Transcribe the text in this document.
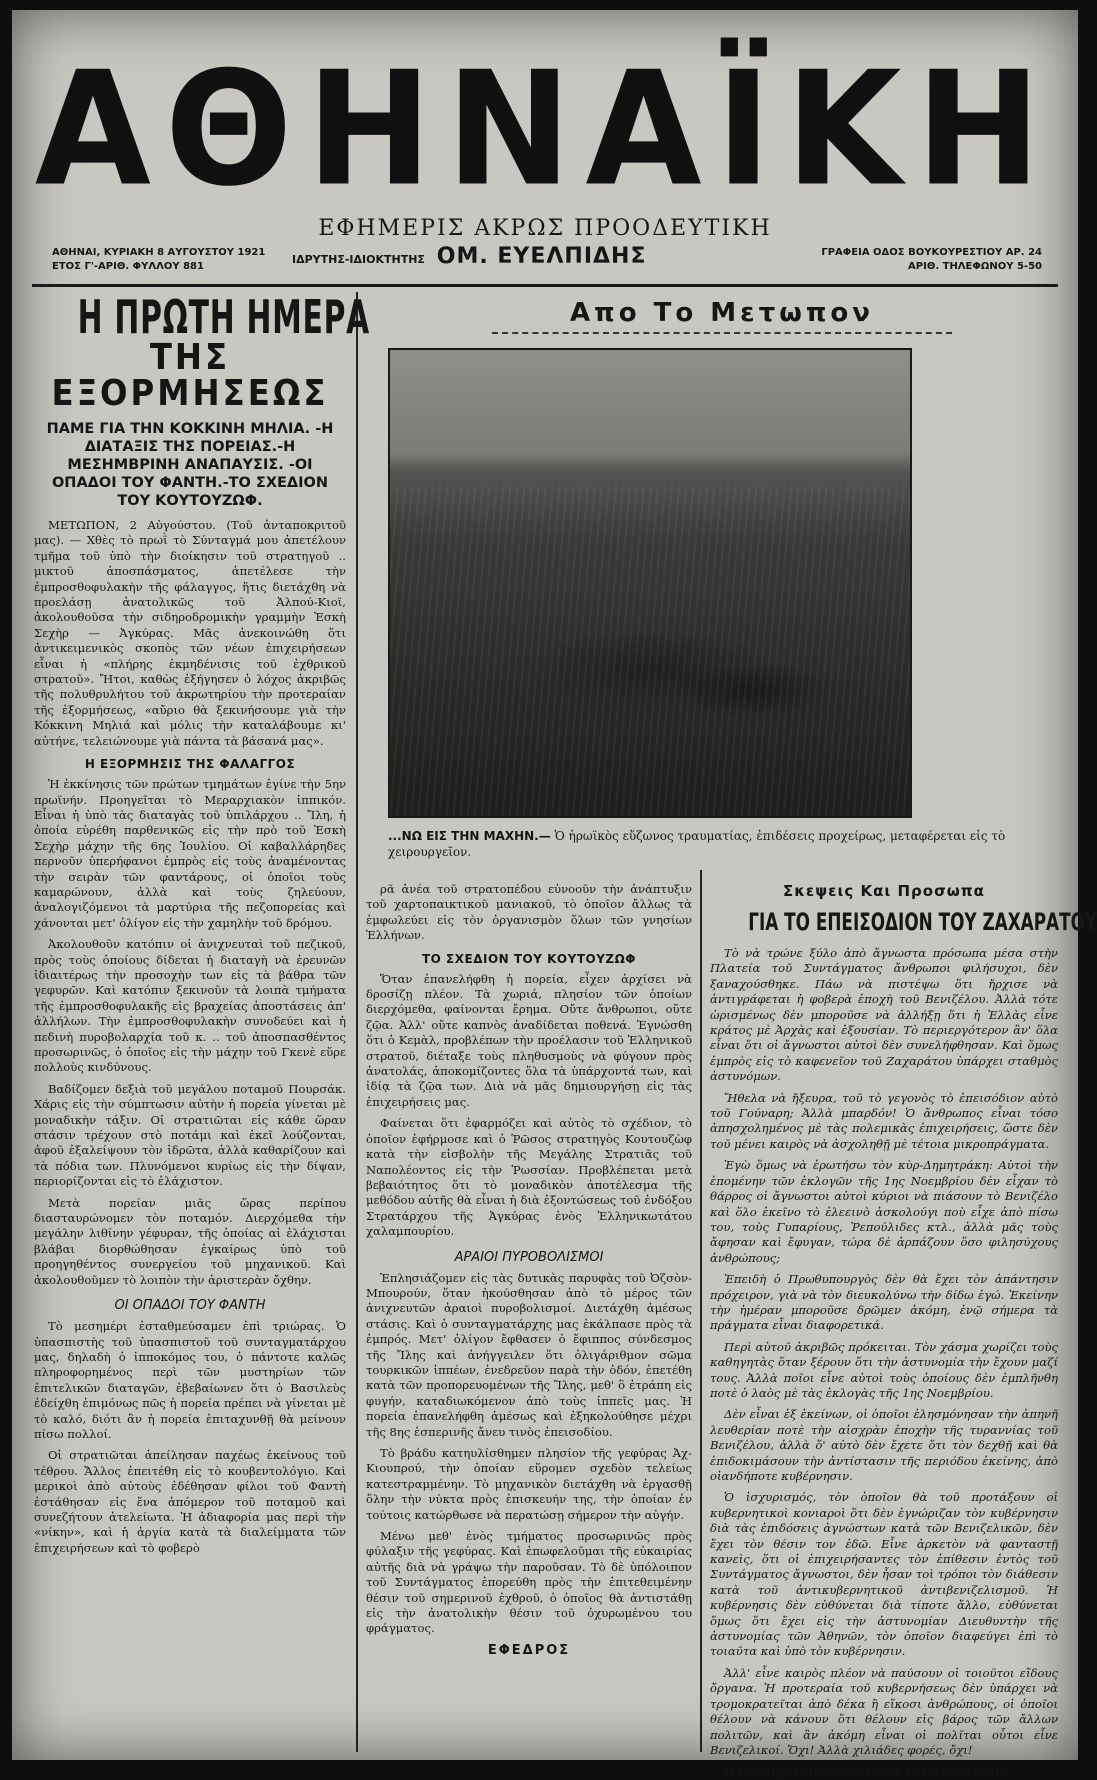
ΑΘΗΝΑΪΚΗ
ΕΦΗΜΕΡΙΣ ΑΚΡΩΣ ΠΡΟΟΔΕΥΤΙΚΗ
ΑΘΗΝΑΙ, ΚΥΡΙΑΚΗ 8 ΑΥΓΟΥΣΤΟΥ 1921
ΕΤΟΣ Γ'-ΑΡΙΘ. ΦΥΛΛΟΥ 881
ΙΔΡΥΤΗΣ-ΙΔΙΟΚΤΗΤΗΣ ΟΜ. ΕΥΕΛΠΙΔΗΣ	ΓΡΑΦΕΙΑ ΟΔΟΣ ΒΟΥΚΟΥΡΕΣΤΙΟΥ ΑΡ. 24
ΑΡΙΘ. ΤΗΛΕΦΩΝΟΥ 5-50
Η ΠΡΩΤΗ ΗΜΕΡΑ
ΤΗΣ ΕΞΟΡΜΗΣΕΩΣ
ΠΑΜΕ ΓΙΑ ΤΗΝ ΚΟΚΚΙΝΗ ΜΗΛΙΑ. -Η ΔΙΑΤΑΞΙΣ ΤΗΣ ΠΟΡΕΙΑΣ.-Η ΜΕΣΗΜΒΡΙΝΗ ΑΝΑΠΑΥΣΙΣ. -ΟΙ ΟΠΑΔΟΙ ΤΟΥ ΦΑΝΤΗ.-ΤΟ ΣΧΕΔΙΟΝ ΤΟΥ ΚΟΥΤΟΥΖΩΦ.

ΜΕΤΩΠΟΝ, 2 Αὐγούστου. (Τοῦ ἀνταποκριτοῦ μας). — Χθὲς τὸ πρωῒ τὸ Σύνταγμά μου ἀπετέλουν τμῆμα τοῦ ὑπὸ τὴν διοίκησιν τοῦ στρατηγοῦ .. μικτοῦ ἀποσπάσματος, ἀπετέλεσε τὴν ἐμπροσθοφυλακὴν τῆς φάλαγγος, ἥτις διετάχθη νὰ προελάσῃ ἀνατολικῶς τοῦ Ἀλπού-Κιοϊ, ἀκολουθοῦσα τὴν σιδηροδρομικὴν γραμμὴν Ἐσκὴ Σεχὴρ — Ἀγκύρας. Μᾶς ἀνεκοινώθη ὅτι ἀντικειμενικὸς σκοπὸς τῶν νέων ἐπιχειρήσεων εἶναι ἡ «πλήρης ἐκμηδένισις τοῦ ἐχθρικοῦ στρατοῦ». Ἤτοι, καθὼς ἐξήγησεν ὁ λόχος ἀκριβῶς τῆς πολυθρυλήτου τοῦ ἀκρωτηρίου τὴν προτεραίαν τῆς ἐξορμήσεως, «αὔριο θὰ ξεκινήσουμε γιὰ τὴν Κόκκινη Μηλιά καὶ μόλις τὴν καταλάβουμε κι' αὐτήνε, τελειώνουμε γιὰ πάντα τὰ βάσανά μας».

Η ΕΞΟΡΜΗΣΙΣ ΤΗΣ ΦΑΛΑΓΓΟΣ

Ἡ ἐκκίνησις τῶν πρώτων τμημάτων ἐγίνε τὴν 5ην πρωϊνήν. Προηγεῖται τὸ Μεραρχιακὸν ἱππικόν. Εἶναι ἡ ὑπὸ τὰς διαταγὰς τοῦ ὑπιλάρχου .. Ἴλη, ἡ ὁποία εὐρέθη παρθενικῶς εἰς τὴν πρὸ τοῦ Ἐσκὴ Σεχὴρ μάχην τῆς 6ης Ἰουλίου. Οἱ καβαλλάρηδες περνοῦν ὑπερήφανοι ἐμπρὸς εἰς τοὺς ἀναμένοντας τὴν σειρὰν τῶν φαντάρους, οἱ ὁποῖοι τοὺς καμαρώνουν, ἀλλὰ καὶ τοὺς ζηλεύουν, ἀναλογιζόμενοι τὰ μαρτύρια τῆς πεζοπορείας καὶ χάνονται μετ' ὀλίγον εἰς τὴν χαμηλὴν τοῦ δρόμου.

Ἀκολουθοῦν κατόπιν οἱ ἀνιχνευταὶ τοῦ πεζικοῦ, πρὸς τοὺς ὁποίους δίδεται ἡ διαταγὴ νὰ ἐρευνῶν ἰδιαιτέρως τὴν προσοχὴν των εἰς τὰ βάθρα τῶν γεφυρῶν. Καὶ κατόπιν ξεκινοῦν τὰ λοιπὰ τμήματα τῆς ἐμπροσθοφυλακῆς εἰς βραχείας ἀποστάσεις ἀπ' ἀλλήλων. Τὴν ἐμπροσθοφυλακὴν συνοδεύει καὶ ἡ πεδινὴ πυροβολαρχία τοῦ κ. .. τοῦ ἀποσπασθέντος προσωρινῶς, ὁ ὁποῖος εἰς τὴν μάχην τοῦ Γκενὲ εὕρε πολλοὺς κινδύνους.

Βαδίζομεν δεξιὰ τοῦ μεγάλου ποταμοῦ Πουρσάκ. Χάρις εἰς τὴν σύμπτωσιν αὐτὴν ἡ πορεία γίνεται μὲ μοναδικὴν τάξιν. Οἱ στρατιῶται εἰς κάθε ὥραν στάσιν τρέχουν στὸ ποτάμι καὶ ἐκεῖ λούζονται, ἀφοῦ ἐξαλείψουν τὸν ἱδρῶτα, ἀλλὰ καθαρίζουν καὶ τὰ πόδια των. Πλυνόμενοι κυρίως εἰς τὴν δίψαν, περιορίζονται εἰς τὸ ἐλάχιστον.

Μετὰ πορείαν μιᾶς ὥρας περίπου διασταυρώνομεν τὸν ποταμόν. Διερχόμεθα τὴν μεγάλην λιθίνην γέφυραν, τῆς ὁποίας αἱ ἐλάχισται βλάβαι διορθώθησαν ἐγκαίρως ὑπὸ τοῦ προηγηθέντος συνεργείου τοῦ μηχανικοῦ. Καὶ ἀκολουθοῦμεν τὸ λοιπὸν τὴν ἀριστερὰν ὄχθην.

ΟΙ ΟΠΑΔΟΙ ΤΟΥ ΦΑΝΤΗ

Τὸ μεσημέρι ἐσταθμεύσαμεν ἐπὶ τριώρας. Ὁ ὑπασπιστὴς τοῦ ὑπασπιστοῦ τοῦ συνταγματάρχου μας, δηλαδὴ ὁ ἱπποκόμος του, ὁ πάντοτε καλῶς πληροφορημένος περὶ τῶν μυστηρίων τῶν ἐπιτελικῶν διαταγῶν, ἐβεβαίωνεν ὅτι ὁ Βασιλεὺς ἐδείχθη ἐπιμόνως πῶς ἡ πορεία πρέπει νὰ γίνεται μὲ τὸ καλό, διότι ἂν ἡ πορεία ἐπιταχυνθῇ θὰ μείνουν πίσω πολλοί.

Οἱ στρατιῶται ἀπείλησαν παχέως ἐκείνους τοῦ τέθρου. Ἄλλος ἐπειτέθη εἰς τὸ κουβεντολόγιο. Καὶ μερικοὶ ἀπὸ αὐτοὺς ἐδέθησαν φίλοι τοῦ Φαντὴ ἐστάθησαν εἰς ἕνα ἀπόμερον τοῦ ποταμοῦ καὶ συνεζήτουν ἀτελείωτα. Ἡ ἀδιαφορία μας περὶ τὴν «νίκην», καὶ ἡ ἀργία κατὰ τὰ διαλείμματα τῶν ἐπιχειρήσεων καὶ τὸ φοβερὸ

Απο Το Μετωπον
...ΝΩ ΕΙΣ ΤΗΝ ΜΑΧΗΝ.— Ὁ ἡρωϊκὸς εὔζωνος τραυματίας, ἐπιδέσεις προχείρως, μεταφέρεται εἰς τὸ χειρουργεῖον.

ρᾶ ἀνέα τοῦ στρατοπέδου εὐνοοῦν τὴν ἀνάπτυξιν τοῦ χαρτοπαικτικοῦ μανιακοῦ, τὸ ὁποῖον ἄλλως τὰ ἐμφωλεύει εἰς τὸν ὀργανισμὸν ὅλων τῶν γνησίων Ἑλλήνων.

ΤΟ ΣΧΕΔΙΟΝ ΤΟΥ ΚΟΥΤΟΥΖΩΦ

Ὅταν ἐπανελήφθη ἡ πορεία, εἶχεν ἀρχίσει νὰ δροσίζῃ πλέον. Τὰ χωριά, πλησίον τῶν ὁποίων διερχόμεθα, φαίνονται ἔρημα. Οὔτε ἄνθρωποι, οὔτε ζῷα. Ἀλλ' οὔτε καπνὸς ἀναδίδεται ποθενά. Ἐγνώσθη ὅτι ὁ Κεμὰλ, προβλέπων τὴν προέλασιν τοῦ Ἑλληνικοῦ στρατοῦ, διέταξε τοὺς πληθυσμοὺς νὰ φύγουν πρὸς ἀνατολάς, ἀποκομίζοντες ὅλα τὰ ὑπάρχοντά των, καὶ ἰδίᾳ τὰ ζῷα των. Διὰ νὰ μᾶς δημιουργήσῃ εἰς τὰς ἐπιχειρήσεις μας.

Φαίνεται ὅτι ἐφαρμόζει καὶ αὐτὸς τὸ σχέδιον, τὸ ὁποῖον ἐφήρμοσε καὶ ὁ Ῥῶσος στρατηγὸς Κουτουζὼφ κατὰ τὴν εἰσβολὴν τῆς Μεγάλης Στρατιᾶς τοῦ Ναπολέοντος εἰς τὴν Ῥωσσίαν. Προβλέπεται μετὰ βεβαιότητος ὅτι τὸ μοναδικὸν ἀποτέλεσμα τῆς μεθόδου αὐτῆς θὰ εἶναι ἡ διὰ ἐξοντώσεως τοῦ ἐνδόξου Στρατάρχου τῆς Ἀγκύρας ἑνὸς Ἑλληνικωτάτου χαλαμπουρίου.

ΑΡΑΙΟΙ ΠΥΡΟΒΟΛΙΣΜΟΙ

Ἐπλησιάζομεν εἰς τὰς δυτικὰς παρυφὰς τοῦ Ὀζσὸν-Μπουρούν, ὅταν ἠκούσθησαν ἀπὸ τὸ μέρος τῶν ἀνιχνευτῶν ἀραιοὶ πυροβολισμοί. Διετάχθη ἀμέσως στάσις. Καὶ ὁ συνταγματάρχης μας ἐκάλπασε πρὸς τὰ ἐμπρός. Μετ' ὀλίγον ἔφθασεν ὁ ἔφιππος σύνδεσμος τῆς Ἴλης καὶ ἀνήγγειλεν ὅτι ὀλιγάριθμον σῶμα τουρκικῶν ἱππέων, ἐνεδρεῦον παρὰ τὴν ὁδόν, ἐπετέθη κατὰ τῶν προπορευομένων τῆς Ἴλης, μεθ' ὃ ἐτράπη εἰς φυγήν, καταδιωκόμενον ἀπὸ τοὺς ἱππεῖς μας. Ἡ πορεία ἐπανελήφθη ἀμέσως καὶ ἐξηκολούθησε μέχρι τῆς 8ης ἑσπερινῆς ἄνευ τινὸς ἐπεισοδίου.

Τὸ βράδυ κατηυλίσθημεν πλησίον τῆς γεφύρας Ἀχ-Κιουπρού, τὴν ὁποίαν εὕρομεν σχεδὸν τελείως κατεστραμμένην. Τὸ μηχανικὸν διετάχθη νὰ ἐργασθῇ ὅλην τὴν νύκτα πρὸς ἐπισκευήν της, τὴν ὁποίαν ἐν τούτοις κατώρθωσε νὰ περατώσῃ σήμερον τὴν αὐγήν.

Μένω μεθ' ἑνὸς τμήματος προσωρινῶς πρὸς φύλαξιν τῆς γεφύρας. Καὶ ἐπωφελοῦμαι τῆς εὐκαιρίας αὐτῆς διὰ νὰ γράψω τὴν παροῦσαν. Τὸ δὲ ὑπόλοιπον τοῦ Συντάγματος ἐπορεύθη πρὸς τὴν ἐπιτεθειμένην θέσιν τοῦ σημερινοῦ ἐχθροῦ, ὁ ὁποῖος θὰ ἀντιστάθῃ εἰς τὴν ἀνατολικὴν θέσιν τοῦ ὀχυρωμένου του φράγματος.

ΕΦΕΔΡΟΣ
Σκεψεις Και Προσωπα
ΓΙΑ ΤΟ ΕΠΕΙΣΟΔΙΟΝ ΤΟΥ ΖΑΧΑΡΑΤΟΥ

Τὸ νὰ τρώνε ξύλο ἀπὸ ἄγνωστα πρόσωπα μέσα στὴν Πλατεία τοῦ Συντάγματος ἄνθρωποι φιλήσυχοι, δὲν ξαναχούσθηκε. Πάω νὰ πιστέψω ὅτι ἤρχισε νὰ ἀντιγράφεται ἡ φοβερὰ ἐποχὴ τοῦ Βενιζέλου. Ἀλλὰ τότε ὡρισμένως δὲν μποροῦσε νὰ ἀλλήξῃ ὅτι ἡ Ἑλλὰς εἶνε κράτος μὲ Ἀρχὰς καὶ ἐξουσίαν. Τὸ περιεργότερον ἂν' ὅλα εἶναι ὅτι οἱ ἄγνωστοι αὐτοὶ δὲν συνελήφθησαν. Καὶ ὅμως ἐμπρὸς εἰς τὸ καφενεῖον τοῦ Ζαχαράτου ὑπάρχει σταθμὸς ἀστυνόμων.

Ἤθελα νὰ ἤξευρα, τοῦ τὸ γεγονὸς τὸ ἐπεισόδιον αὐτὸ τοῦ Γούναρη; Ἀλλὰ μπαρδόν! Ὁ ἄνθρωπος εἶναι τόσο ἀπησχολημένος μὲ τὰς πολεμικὰς ἐπιχειρήσεις, ὥστε δὲν τοῦ μένει καιρὸς νὰ ἀσχοληθῇ μὲ τέτοια μικροπράγματα.

Ἐγὼ ὅμως νὰ ἐρωτήσω τὸν κὺρ-Δημητράκη: Αὐτοὶ τὴν ἐπομένην τῶν ἐκλογῶν τῆς 1ης Νοεμβρίου δὲν εἶχαν τὸ θάρρος οἱ ἄγνωστοι αὐτοὶ κύριοι νὰ πιάσουν τὸ Βενιζέλο καὶ ὅλο ἐκεῖνο τὸ ἐλεεινὸ ἀσκολούγι ποὺ εἶχε ἀπὸ πίσω του, τοὺς Γυπαρίους, Ῥεπούλιδες κτλ., ἀλλὰ μᾶς τοὺς ἄφησαν καὶ ἔφυγαν, τώρα δὲ ἀρπάζουν ὅσο φιλησύχους ἀνθρώπους;

Ἐπειδὴ ὁ Πρωθυπουργὸς δὲν θὰ ἔχει τὸν ἀπάντησιν πρόχειρον, γιὰ νὰ τὸν διευκολύνω τὴν δίδω ἐγώ. Ἐκείνην τὴν ἡμέραν μποροῦσε δρῶμεν ἀκόμη, ἐνῷ σήμερα τὰ πράγματα εἶναι διαφορετικά.

Περὶ αὐτοῦ ἀκριβῶς πρόκειται. Τὸν χάσμα χωρίζει τοὺς καθηγητὰς ὅταν ξέρουν ὅτι τὴν ἀστυνομία τὴν ἔχουν μαζί τους. Ἀλλὰ ποῖοι εἶνε αὐτοὶ τοὺς ὁποίους δὲν ἐμπλῆνθη ποτὲ ὁ λαὸς μὲ τὰς ἐκλογὰς τῆς 1ης Νοεμβρίου.

Δὲν εἶναι ἐξ ἐκείνων, οἱ ὁποῖοι ἐλησμόνησαν τὴν ἀπηνῆ λευθερίαν ποτὲ τὴν αἰσχρὰν ἐποχὴν τῆς τυραννίας τοῦ Βενιζέλου, ἀλλὰ ὅ' αὐτὸ δὲν ἔχετε ὅτι τὸν δεχθῇ καὶ θὰ ἐπιδοκιμάσουν τὴν ἀντίστασιν τῆς περιόδου ἐκείνης, ἀπὸ οἰανδήποτε κυβέρνησιν.

Ὁ ἰσχυρισμός, τὸν ὁποῖον θὰ τοῦ προτάξουν οἱ κυβερνητικοὶ κονιαροὶ ὅτι δὲν ἐγνώριζαν τὸν κυβέρνησιν διὰ τὰς ἐπιδόσεις ἀγνώστων κατὰ τῶν Βενιζελικῶν, δὲν ἔχει τὸν θέσιν τον ἐδῶ. Εἶνε ἀρκετὸν νὰ φανταστῇ κανεὶς, ὅτι οἱ ἐπιχειρήσαντες τὸν ἐπίθεσιν ἐντὸς τοῦ Συντάγματος ἄγνωστοι, δὲν ἦσαν τοὶ τρόποι τὸν διάθεσιν κατὰ τοῦ ἀντικυβερνητικοῦ ἀντιβενιζελισμοῦ. Ἡ κυβέρνησις δὲν εὐθύνεται διὰ τίποτε ἄλλο, εὐθύνεται ὅμως ὅτι ἔχει εἰς τὴν ἀστυνομίαν Διευθυντὴν τῆς ἀστυνομίας τῶν Ἀθηνῶν, τὸν ὁποῖον διαφεύγει ἐπὶ τὸ τοιαῦτα καὶ ὑπὸ τὸν κυβέρνησιν.

Ἀλλ' εἶνε καιρὸς πλέον νὰ παύσουν οἱ τοιοῦτοι εἴδους ὄργανα. Ἡ προτεραία τοῦ κυβερνήσεως δὲν ὑπάρχει νὰ τρομοκρατεῖται ἀπὸ δέκα ἢ εἴκοσι ἀνθρώπους, οἱ ὁποῖοι θέλουν νὰ κάνουν ὅτι θέλουν εἰς βάρος τῶν ἄλλων πολιτῶν, καὶ ἂν ἀκόμη εἶναι οἱ πολῖται οὗτοι εἶνε Βενιζελικοί. Ὄχι! Ἀλλὰ χιλιάδες φορές, ὄχι!

Ὁ κὺρ Δημητράκης ὀφείλει νὰ τὸ ἐννοήσῃ αὐτό,
